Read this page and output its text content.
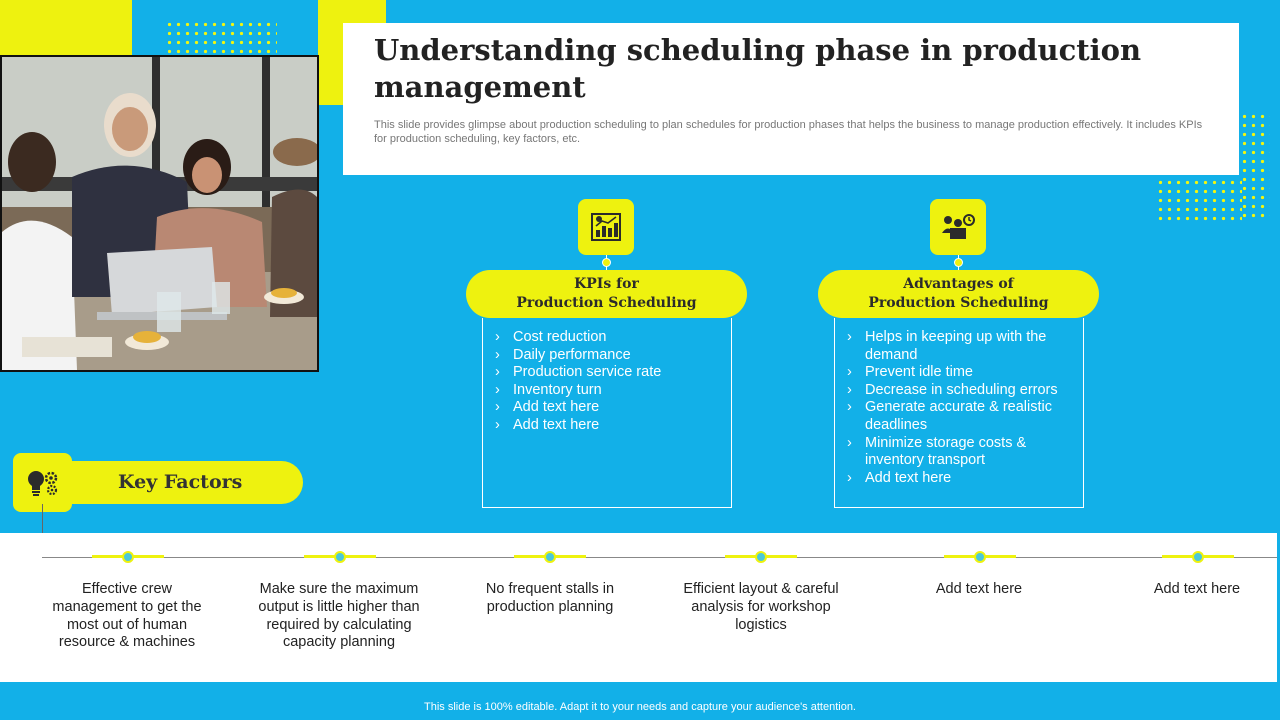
Understanding scheduling phase in production management

This slide provides glimpse about production scheduling to plan schedules for production phases that helps the business to manage production effectively. It includes KPIs for production scheduling, key factors, etc.

KPIs for
Production Scheduling
› Cost reduction
› Daily performance
› Production service rate
› Inventory turn
› Add text here
› Add text here
Advantages of
Production Scheduling
› Helps in keeping up with the demand
› Prevent idle time
› Decrease in scheduling errors
› Generate accurate & realistic deadlines
› Minimize storage costs & inventory transport
› Add text here
Key Factors
Effective crew management to get the most out of human resource & machines
Make sure the maximum output is little higher than required by calculating capacity planning
No frequent stalls in production planning
Efficient layout & careful analysis for workshop logistics
Add text here	Add text here
This slide is 100% editable. Adapt it to your needs and capture your audience's attention.
